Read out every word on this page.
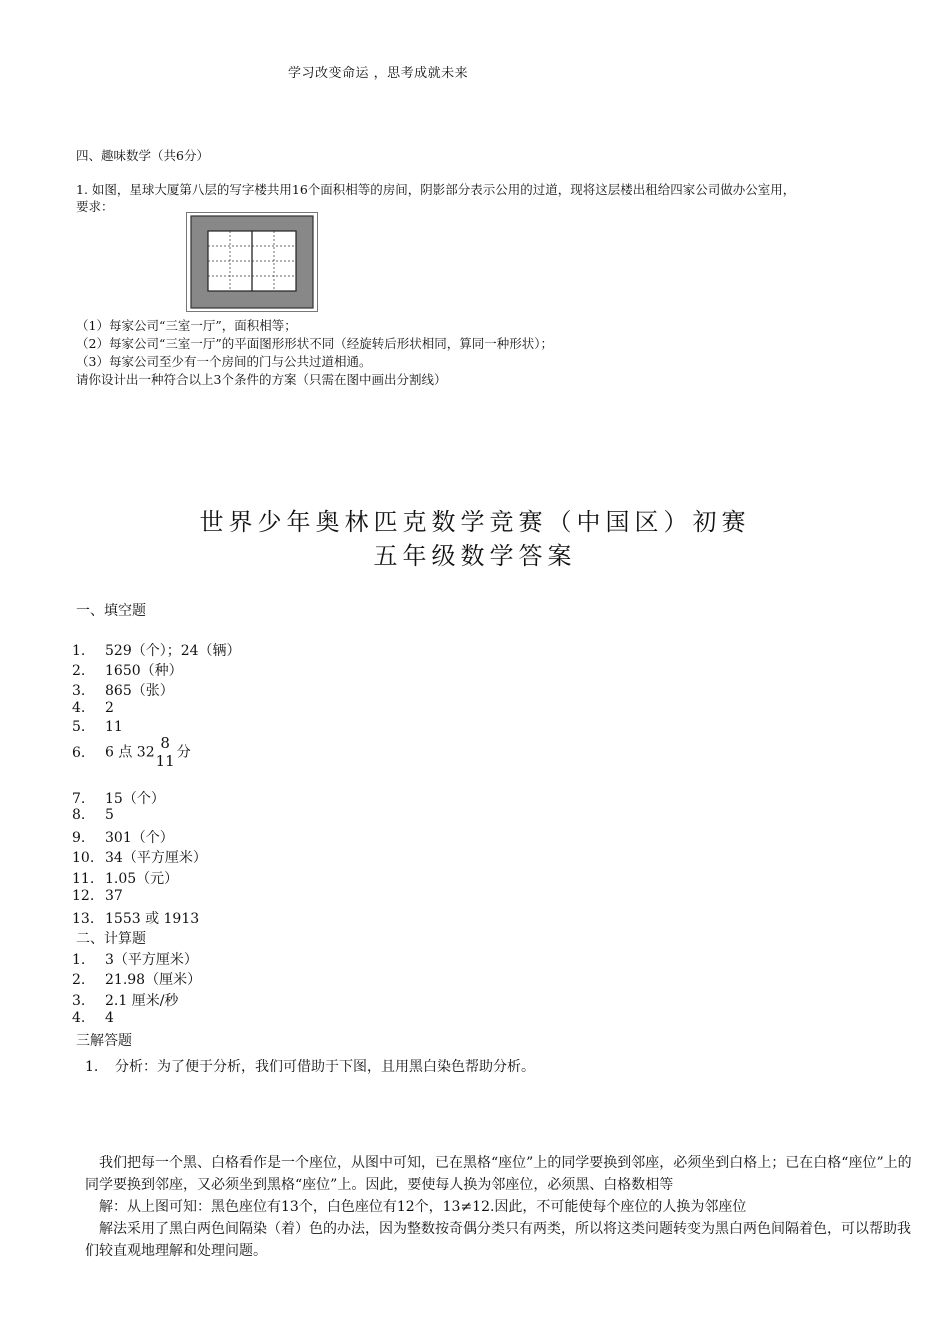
学习改变命运 ，思考成就未来
四、趣味数学（共6分）
1. 如图，星球大厦第八层的写字楼共用16个面积相等的房间，阴影部分表示公用的过道，现将这层楼出租给四家公司做办公室用，
要求：
（1）每家公司“三室一厅”，面积相等；
（2）每家公司“三室一厅”的平面图形形状不同（经旋转后形状相同，算同一种形状）；
（3）每家公司至少有一个房间的门与公共过道相通。
请你设计出一种符合以上3个条件的方案（只需在图中画出分割线）
世界少年奥林匹克数学竞赛（中国区）初赛
五年级数学答案
一、填空题
1. 529（个）；24（辆）
2. 1650（种）
3. 865（张）
4. 2
5. 11
6. 6 点 32
8
11 分
7. 15（个）
8. 5
9. 301（个）
10. 34（平方厘米）
11. 1.05（元）
12. 37
13. 1553 或 1913
二、计算题
1. 3（平方厘米）
2. 21.98（厘米）
3. 2.1 厘米/秒
4. 4
三解答题
1. 分析：为了便于分析，我们可借助于下图，且用黑白染色帮助分析。
我们把每一个黑、白格看作是一个座位，从图中可知，已在黑格“座位”上的同学要换到邻座，必须坐到白格上；已在白格“座位”上的同学要换到邻座，又必须坐到黑格“座位”上。因此，要使每人换为邻座位，必须黑、白格数相等
解：从上图可知：黑色座位有13个，白色座位有12个，13≠12.因此，不可能使每个座位的人换为邻座位
解法采用了黑白两色间隔染（着）色的办法，因为整数按奇偶分类只有两类，所以将这类问题转变为黑白两色间隔着色，可以帮助我们较直观地理解和处理问题。
